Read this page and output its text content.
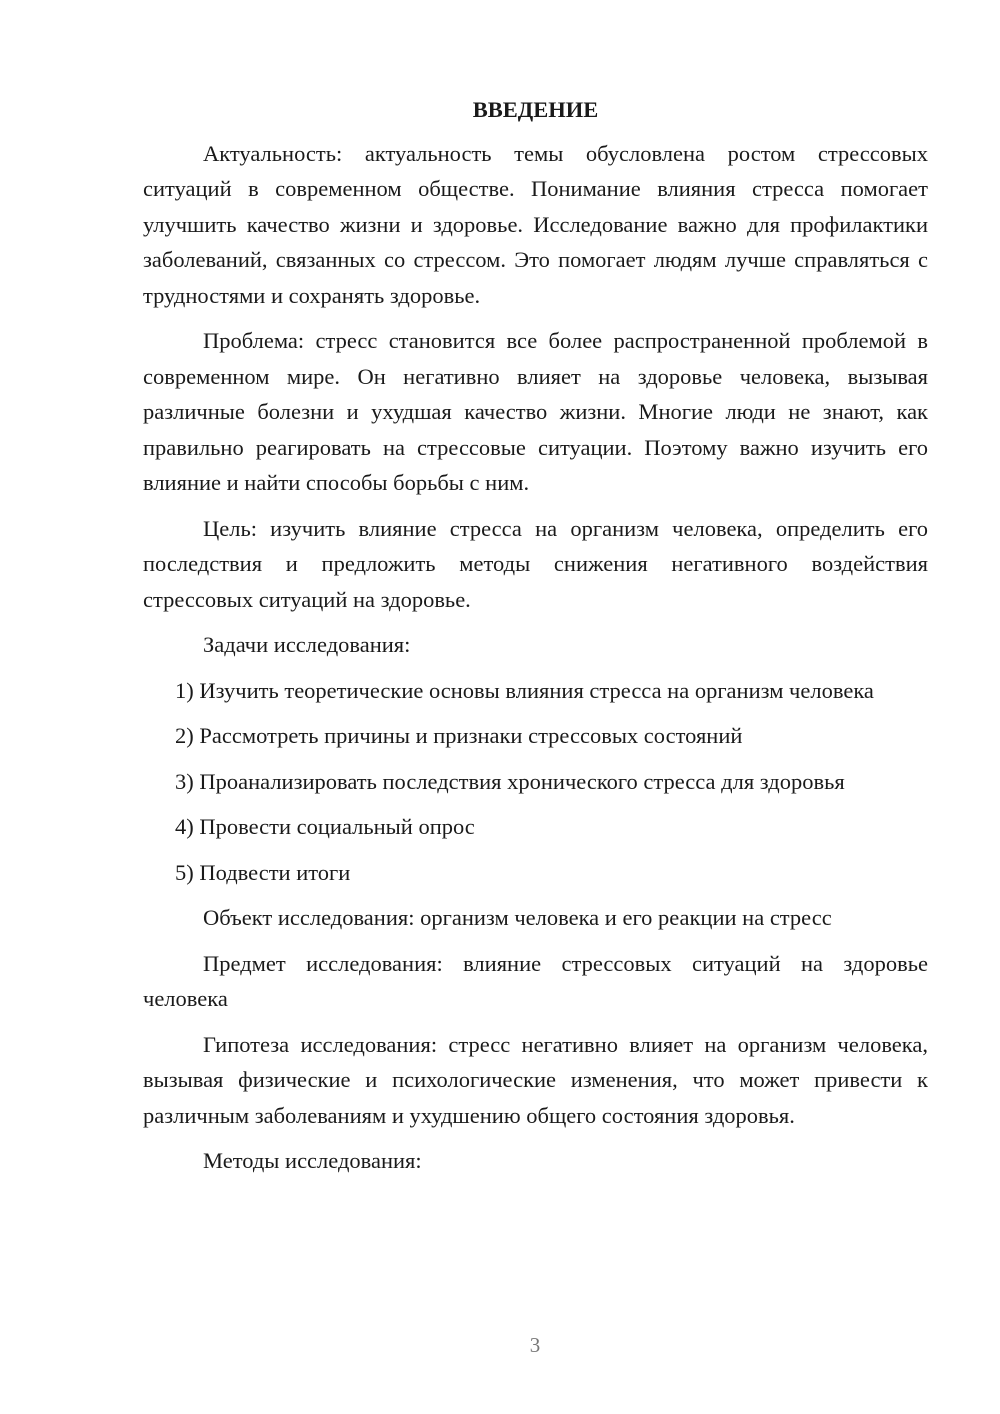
ВВЕДЕНИЕ

Актуальность: актуальность темы обусловлена ростом стрессовых ситуаций в современном обществе. Понимание влияния стресса помогает улучшить качество жизни и здоровье. Исследование важно для профилактики заболеваний, связанных со стрессом. Это помогает людям лучше справляться с трудностями и сохранять здоровье.

Проблема: стресс становится все более распространенной проблемой в современном мире. Он негативно влияет на здоровье человека, вызывая различные болезни и ухудшая качество жизни. Многие люди не знают, как правильно реагировать на стрессовые ситуации. Поэтому важно изучить его влияние и найти способы борьбы с ним.

Цель: изучить влияние стресса на организм человека, определить его последствия и предложить методы снижения негативного воздействия стрессовых ситуаций на здоровье.

Задачи исследования:

1) Изучить теоретические основы влияния стресса на организм человека

2) Рассмотреть причины и признаки стрессовых состояний

3) Проанализировать последствия хронического стресса для здоровья

4) Провести социальный опрос

5) Подвести итоги

Объект исследования: организм человека и его реакции на стресс

Предмет исследования: влияние стрессовых ситуаций на здоровье человека

Гипотеза исследования: стресс негативно влияет на организм человека, вызывая физические и психологические изменения, что может привести к различным заболеваниям и ухудшению общего состояния здоровья.

Методы исследования:

3
